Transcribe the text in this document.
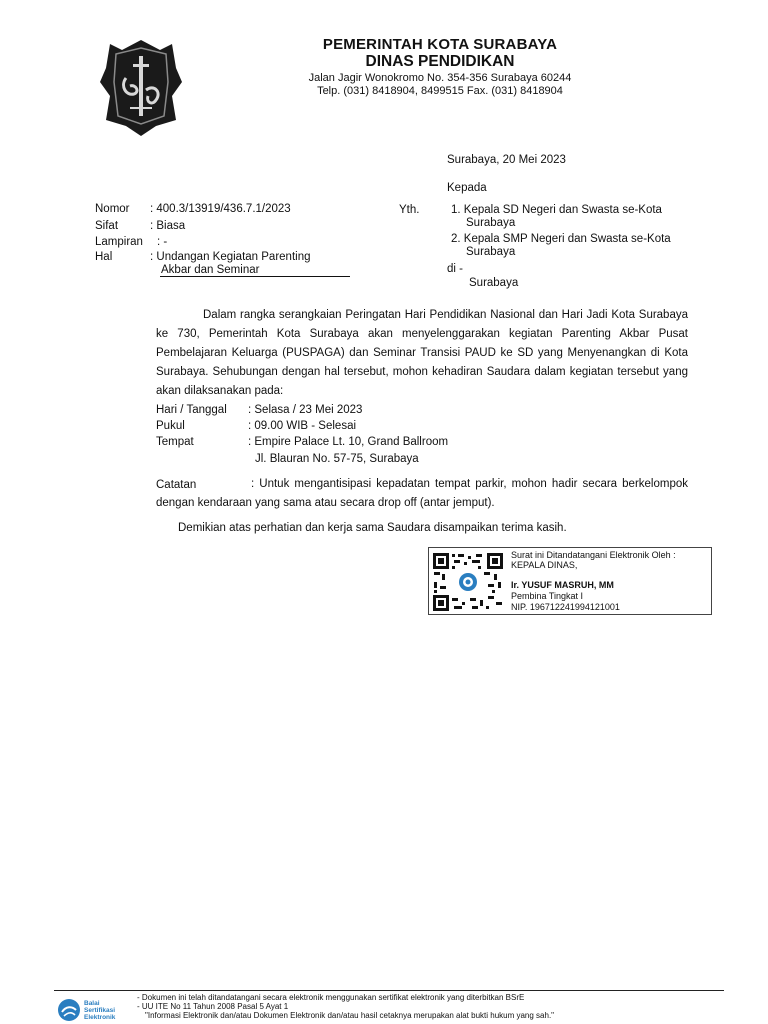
PEMERINTAH KOTA SURABAYA
DINAS PENDIDIKAN
Jalan Jagir Wonokromo No. 354-356 Surabaya 60244
Telp. (031) 8418904, 8499515 Fax. (031) 8418904
Surabaya, 20 Mei 2023
Kepada
Yth.	1. Kepala SD Negeri dan Swasta se-Kota
Surabaya
2. Kepala SMP Negeri dan Swasta se-Kota
Surabaya
di -
Surabaya
Nomor : 400.3/13919/436.7.1/2023
Sifat	: Biasa
Lampiran : -
Hal	: Undangan Kegiatan Parenting
Akbar dan Seminar
Dalam rangka serangkaian Peringatan Hari Pendidikan Nasional dan Hari Jadi Kota Surabaya ke 730, Pemerintah Kota Surabaya akan menyelenggarakan kegiatan Parenting Akbar Pusat Pembelajaran Keluarga (PUSPAGA) dan Seminar Transisi PAUD ke SD yang Menyenangkan di Kota Surabaya. Sehubungan dengan hal tersebut, mohon kehadiran Saudara dalam kegiatan tersebut yang akan dilaksanakan pada:
Hari / Tanggal : Selasa / 23 Mei 2023
Pukul	: 09.00 WIB - Selesai
Tempat	: Empire Palace Lt. 10, Grand Ballroom
Jl. Blauran No. 57-75, Surabaya
Catatan	: Untuk mengantisipasi kepadatan tempat parkir, mohon hadir secara berkelompok dengan kendaraan yang sama atau secara drop off (antar jemput).
Demikian atas perhatian dan kerja sama Saudara disampaikan terima kasih.
Surat ini Ditandatangani Elektronik Oleh :
KEPALA DINAS,
Ir. YUSUF MASRUH, MM
Pembina Tingkat I
NIP. 196712241994121001
Balai
Sertifikasi
Elektronik
- Dokumen ini telah ditandatangani secara elektronik menggunakan sertifikat elektronik yang diterbitkan BSrE
- UU ITE No 11 Tahun 2008 Pasal 5 Ayat 1
"Informasi Elektronik dan/atau Dokumen Elektronik dan/atau hasil cetaknya merupakan alat bukti hukum yang sah."
